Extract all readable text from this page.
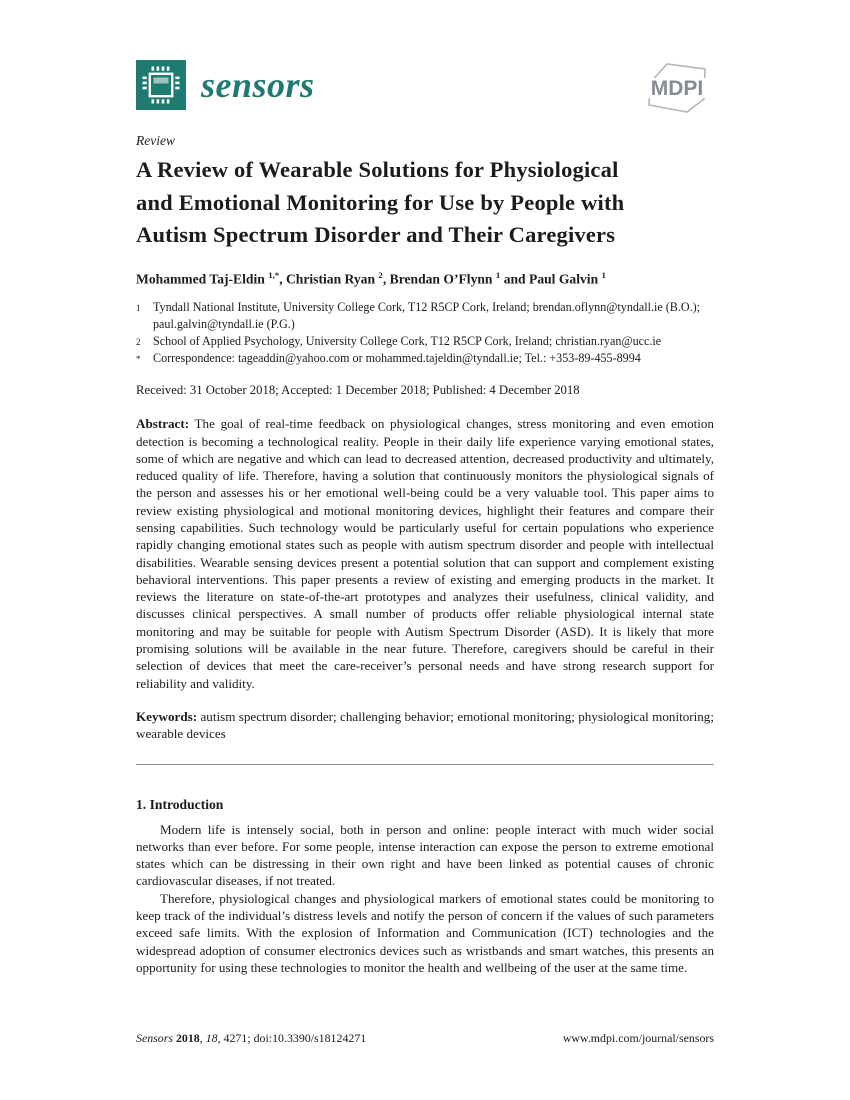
sensors	MDPI
Review
A Review of Wearable Solutions for Physiological
and Emotional Monitoring for Use by People with
Autism Spectrum Disorder and Their Caregivers

Mohammed Taj-Eldin $^{1,*}$, Christian Ryan $^2$, Brendan O’Flynn $^1$ and Paul Galvin $^1$

1	Tyndall National Institute, University College Cork, T12 R5CP Cork, Ireland; brendan.oflynn@tyndall.ie (B.O.); paul.galvin@tyndall.ie (P.G.)
2	School of Applied Psychology, University College Cork, T12 R5CP Cork, Ireland; christian.ryan@ucc.ie
*	Correspondence: tageaddin@yahoo.com or mohammed.tajeldin@tyndall.ie; Tel.: +353-89-455-8994
Received: 31 October 2018; Accepted: 1 December 2018; Published: 4 December 2018

Abstract: The goal of real-time feedback on physiological changes, stress monitoring and even emotion detection is becoming a technological reality. People in their daily life experience varying emotional states, some of which are negative and which can lead to decreased attention, decreased productivity and ultimately, reduced quality of life. Therefore, having a solution that continuously monitors the physiological signals of the person and assesses his or her emotional well-being could be a very valuable tool. This paper aims to review existing physiological and motional monitoring devices, highlight their features and compare their sensing capabilities. Such technology would be particularly useful for certain populations who experience rapidly changing emotional states such as people with autism spectrum disorder and people with intellectual disabilities. Wearable sensing devices present a potential solution that can support and complement existing behavioral interventions. This paper presents a review of existing and emerging products in the market. It reviews the literature on state-of-the-art prototypes and analyzes their usefulness, clinical validity, and discusses clinical perspectives. A small number of products offer reliable physiological internal state monitoring and may be suitable for people with Autism Spectrum Disorder (ASD). It is likely that more promising solutions will be available in the near future. Therefore, caregivers should be careful in their selection of devices that meet the care-receiver’s personal needs and have strong research support for reliability and validity.

Keywords: autism spectrum disorder; challenging behavior; emotional monitoring; physiological monitoring; wearable devices

1. Introduction

Modern life is intensely social, both in person and online: people interact with much wider social networks than ever before. For some people, intense interaction can expose the person to extreme emotional states which can be distressing in their own right and have been linked as potential causes of chronic cardiovascular diseases, if not treated.

Therefore, physiological changes and physiological markers of emotional states could be monitoring to keep track of the individual’s distress levels and notify the person of concern if the values of such parameters exceed safe limits. With the explosion of Information and Communication (ICT) technologies and the widespread adoption of consumer electronics devices such as wristbands and smart watches, this presents an opportunity for using these technologies to monitor the health and wellbeing of the user at the same time.

Sensors 2018, 18, 4271; doi:10.3390/s18124271	www.mdpi.com/journal/sensors
